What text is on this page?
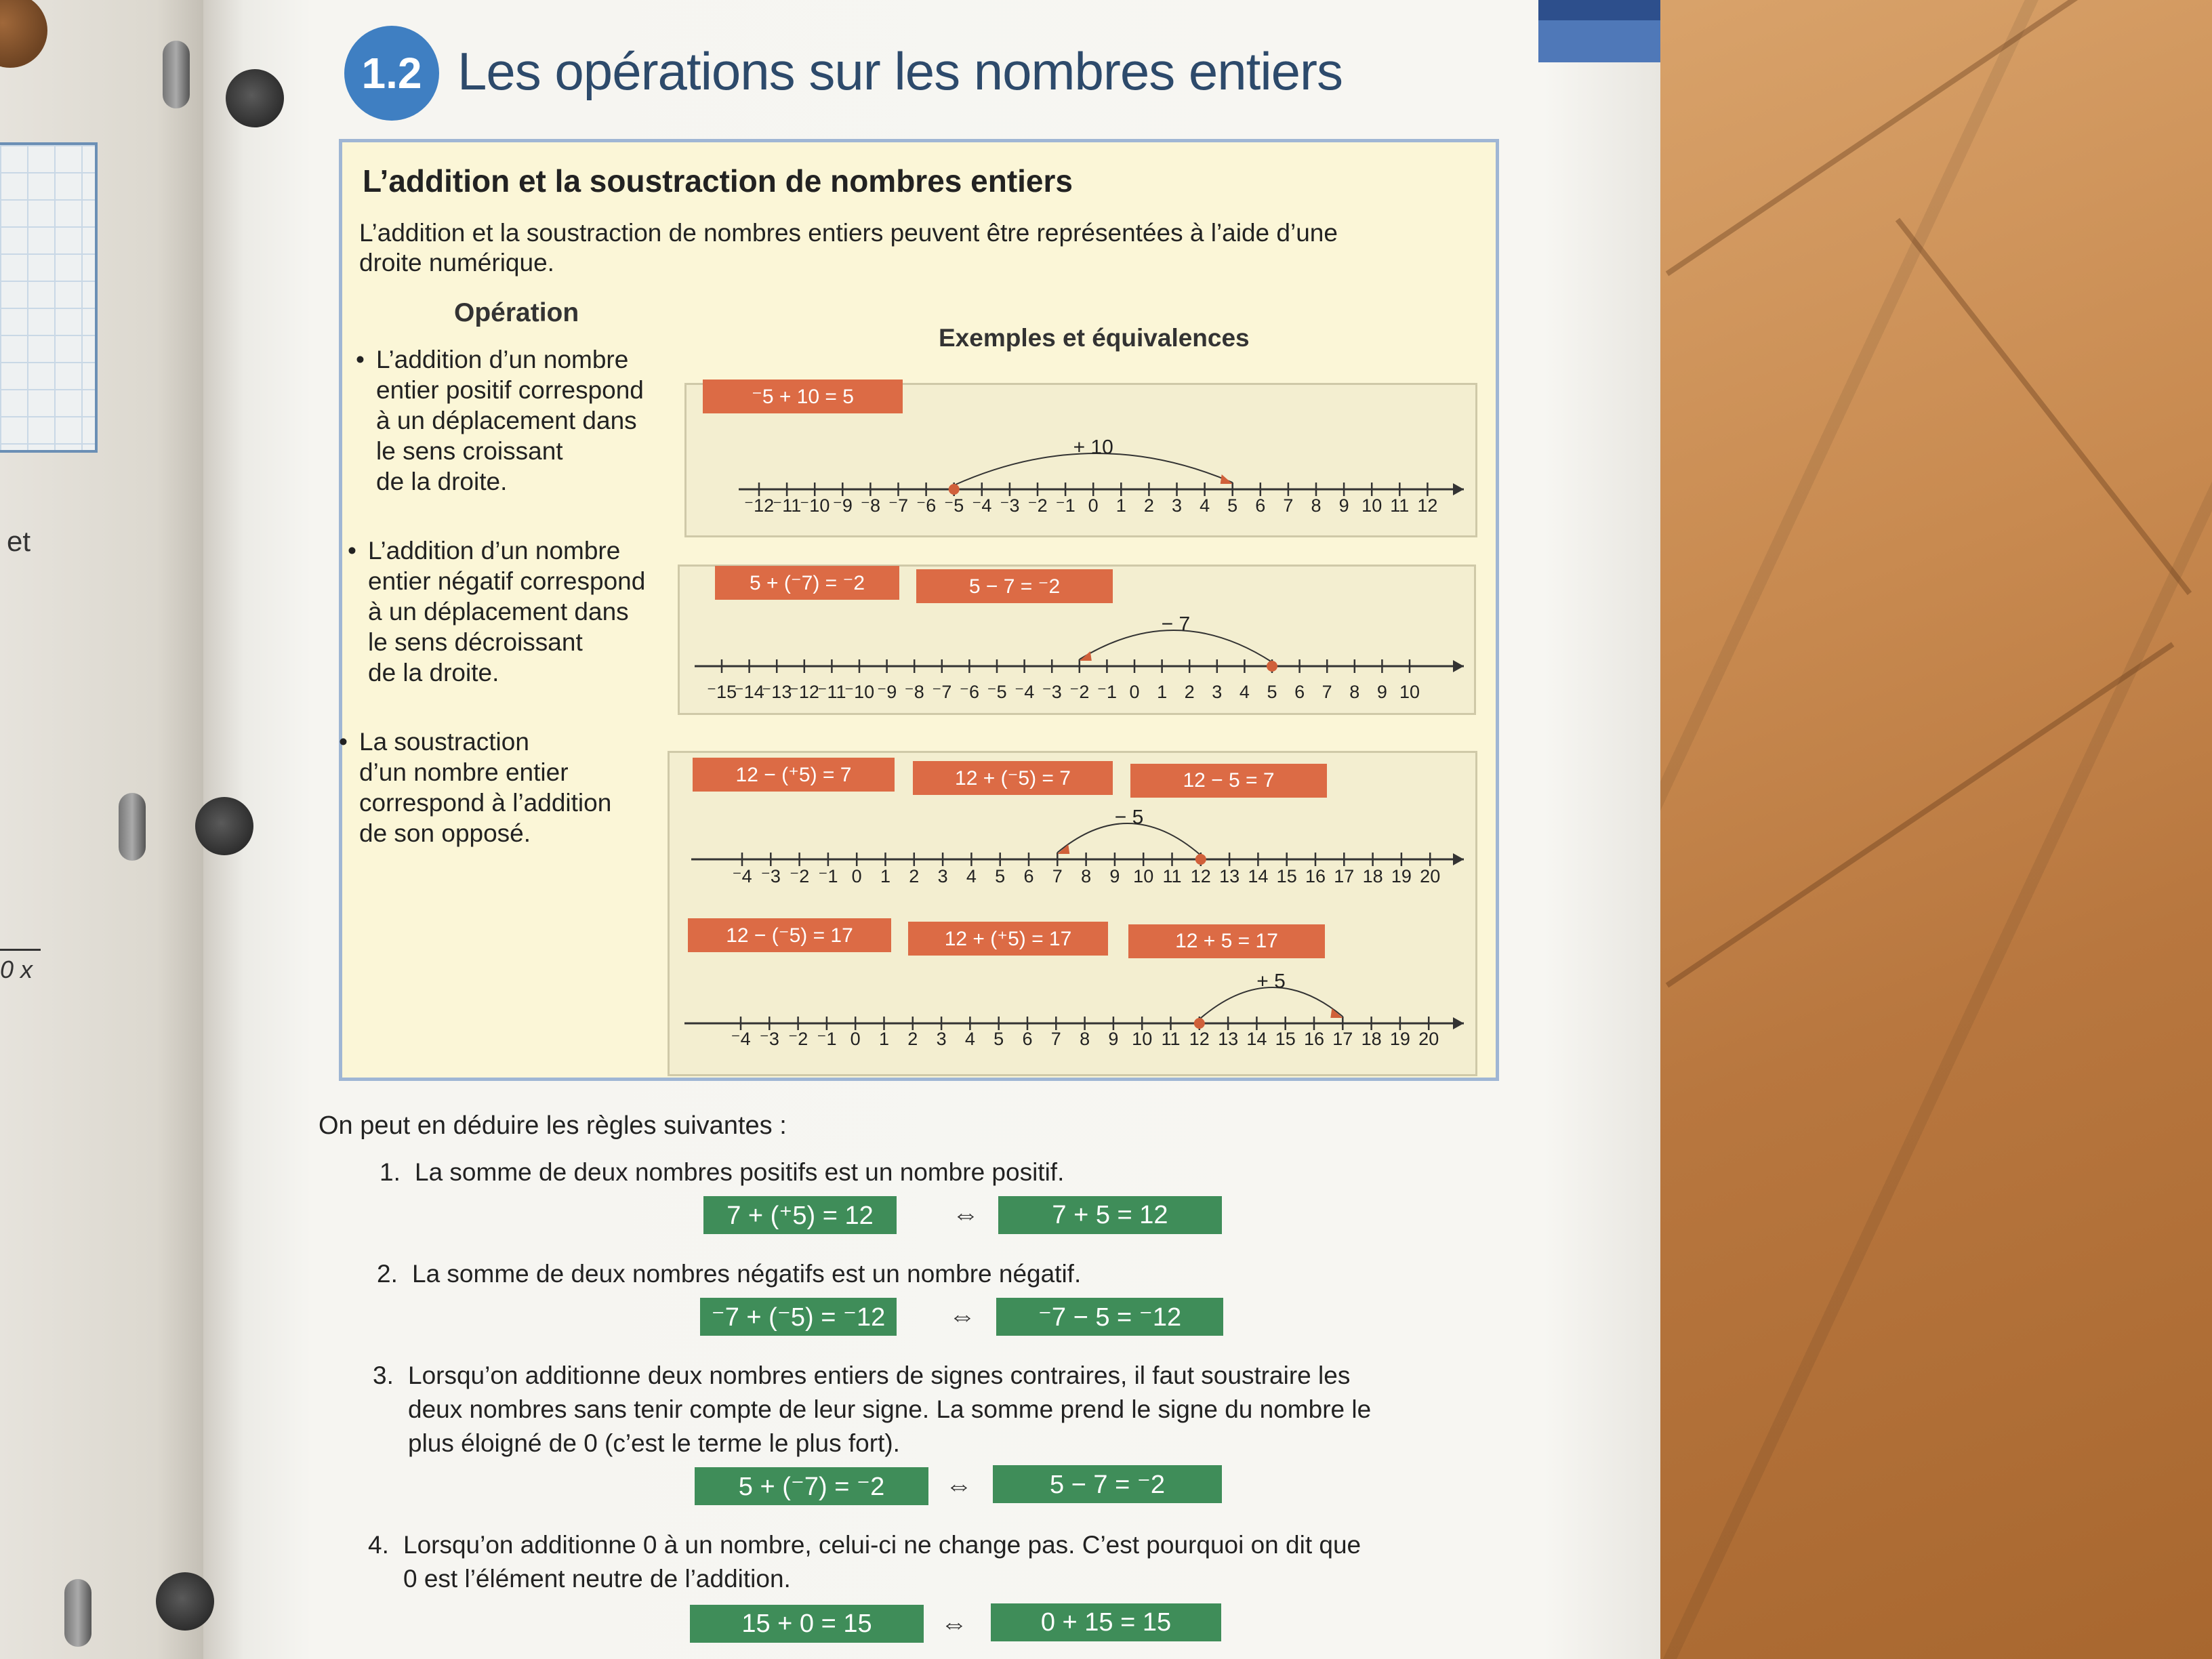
et
0 x
1.2 Les opérations sur les nombres entiers
L’addition et la soustraction de nombres entiers
L’addition et la soustraction de nombres entiers peuvent être représentées à l’aide d’une droite numérique.
Opération
Exemples et équivalences
• L’addition d’un nombre
entier positif correspond
à un déplacement dans
le sens croissant
de la droite.
• L’addition d’un nombre
entier négatif correspond
à un déplacement dans
le sens décroissant
de la droite.
• La soustraction
d’un nombre entier
correspond à l’addition
de son opposé.
⁻5 + 10 = 5
5 + (⁻7) = ⁻2	5 − 7 = ⁻2
12 − (⁺5) = 7	12 + (⁻5) = 7	12 − 5 = 7
12 − (⁻5) = 17	12 + (⁺5) = 17	12 + 5 = 17
⁻12
⁻11
⁻10 ⁻9 ⁻8 ⁻7 ⁻6 ⁻5 ⁻4 ⁻3 ⁻2 ⁻1 0 1 2 3 4 5 6 7 8 9 10 11 12
+ 10
⁻15
⁻14
⁻13
⁻12
⁻11
⁻10 ⁻9 ⁻8 ⁻7 ⁻6 ⁻5 ⁻4 ⁻3 ⁻2 ⁻1 0 1 2 3 4 5 6 7 8 9 10
− 7
⁻4 ⁻3 ⁻2 ⁻1 0 1 2 3 4 5 6 7 8 9 10 11 12 13 14 15 16 17 18 19 20
− 5
⁻4 ⁻3 ⁻2 ⁻1 0 1 2 3 4 5 6 7 8 9 10 11 12 13 14 15 16 17 18 19 20
+ 5
On peut en déduire les règles suivantes :
1. La somme de deux nombres positifs est un nombre positif.
7 + (⁺5) = 12	⇔	7 + 5 = 12
2. La somme de deux nombres négatifs est un nombre négatif.
⁻7 + (⁻5) = ⁻12	⇔	⁻7 − 5 = ⁻12
3. Lorsqu’on additionne deux nombres entiers de signes contraires, il faut soustraire les
deux nombres sans tenir compte de leur signe. La somme prend le signe du nombre le
plus éloigné de 0 (c’est le terme le plus fort).
5 + (⁻7) = ⁻2	⇔	5 − 7 = ⁻2
4. Lorsqu’on additionne 0 à un nombre, celui-ci ne change pas. C’est pourquoi on dit que
0 est l’élément neutre de l’addition.
15 + 0 = 15	⇔	0 + 15 = 15
